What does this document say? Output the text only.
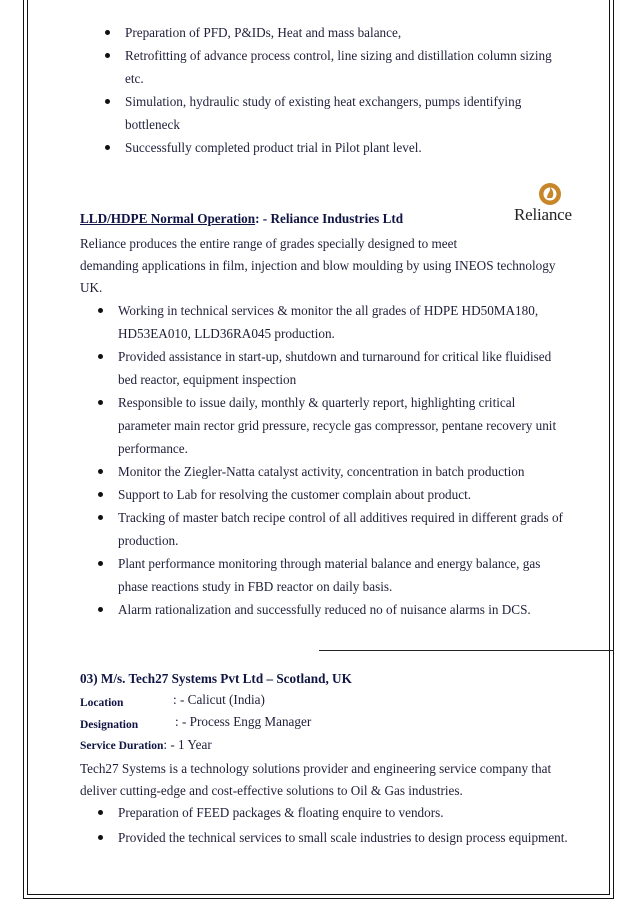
Preparation of PFD, P&IDs, Heat and mass balance,
Retrofitting of advance process control, line sizing and distillation column sizing
etc.
Simulation, hydraulic study of existing heat exchangers, pumps identifying
bottleneck
Successfully completed product trial in Pilot plant level.
LLD/HDPE Normal Operation: - Reliance Industries Ltd	Reliance
Reliance produces the entire range of grades specially designed to meet
demanding applications in film, injection and blow moulding by using INEOS technology
UK.
Working in technical services & monitor the all grades of HDPE HD50MA180,
HD53EA010, LLD36RA045 production.
Provided assistance in start-up, shutdown and turnaround for critical like fluidised
bed reactor, equipment inspection
Responsible to issue daily, monthly & quarterly report, highlighting critical
parameter main rector grid pressure, recycle gas compressor, pentane recovery unit
performance.
Monitor the Ziegler-Natta catalyst activity, concentration in batch production
Support to Lab for resolving the customer complain about product.
Tracking of master batch recipe control of all additives required in different grads of
production.
Plant performance monitoring through material balance and energy balance, gas
phase reactions study in FBD reactor on daily basis.
Alarm rationalization and successfully reduced no of nuisance alarms in DCS.
03) M/s. Tech27 Systems Pvt Ltd – Scotland, UK
Location	: - Calicut (India)
Designation	: - Process Engg Manager
Service Duration: - 1 Year
Tech27 Systems is a technology solutions provider and engineering service company that
deliver cutting-edge and cost-effective solutions to Oil & Gas industries.
Preparation of FEED packages & floating enquire to vendors.
Provided the technical services to small scale industries to design process equipment.
